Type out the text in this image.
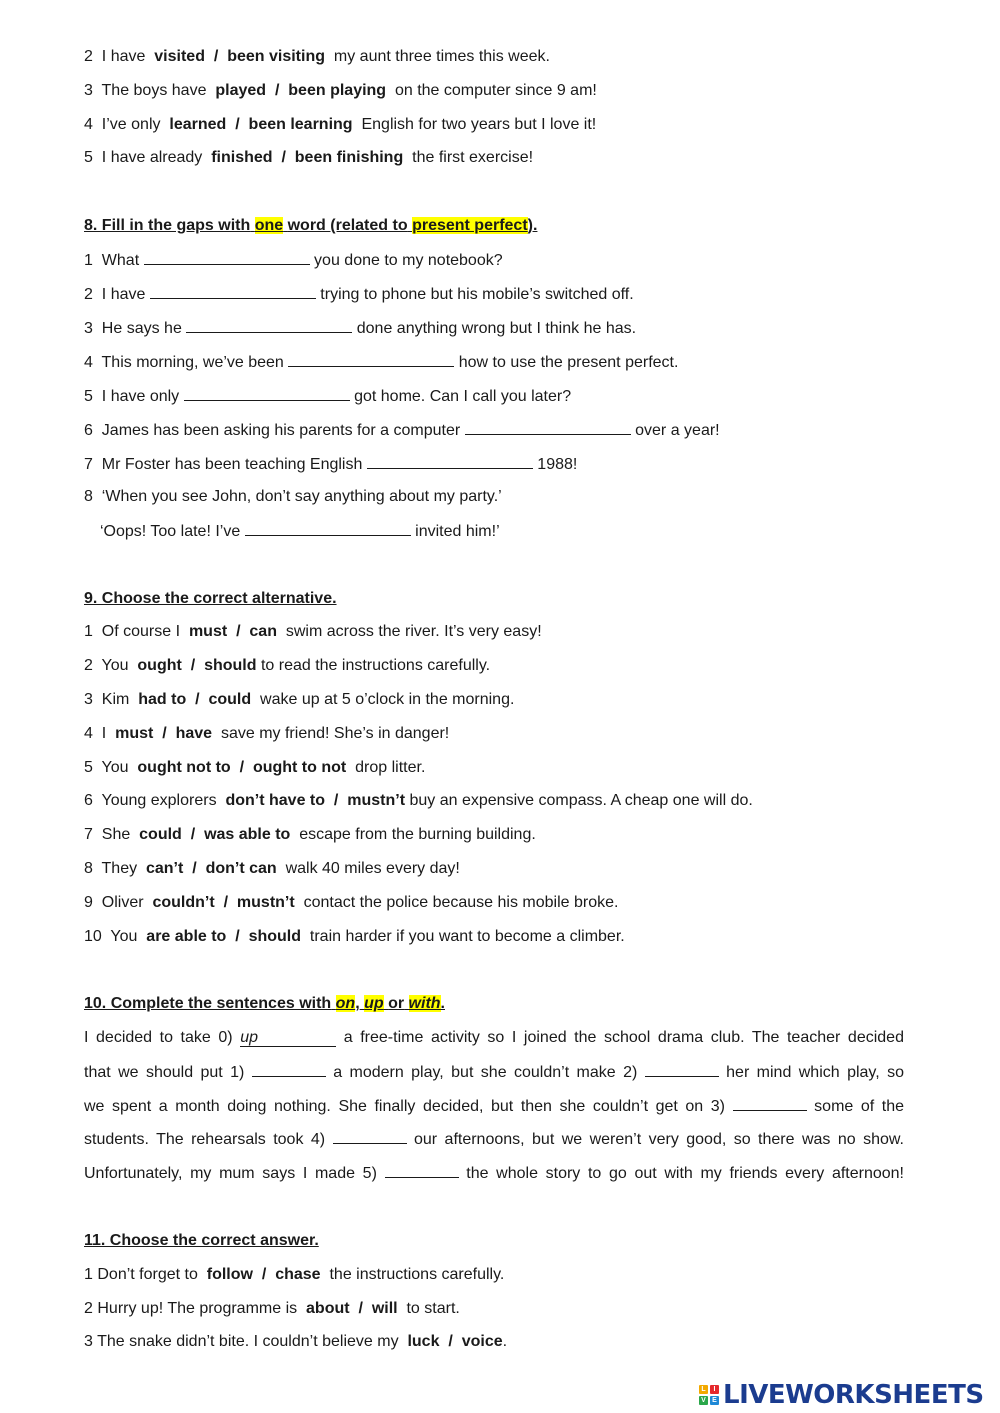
2 I have visited / been visiting my aunt three times this week.
3 The boys have played / been playing on the computer since 9 am!
4 I’ve only learned / been learning English for two years but I love it!
5 I have already finished / been finishing the first exercise!
8. Fill in the gaps with one word (related to present perfect).
1 What	you done to my notebook?
2 I have	trying to phone but his mobile’s switched off.
3 He says he	done anything wrong but I think he has.
4 This morning, we’ve been	how to use the present perfect.
5 I have only	got home. Can I call you later?
6 James has been asking his parents for a computer	over a year!
7 Mr Foster has been teaching English	1988!
8 ‘When you see John, don’t say anything about my party.’
‘Oops! Too late! I’ve	invited him!’
9. Choose the correct alternative.
1 Of course I must / can swim across the river. It’s very easy!
2 You ought / should to read the instructions carefully.
3 Kim had to / could wake up at 5 o’clock in the morning.
4 I must / have save my friend! She’s in danger!
5 You ought not to / ought to not drop litter.
6 Young explorers don’t have to / mustn’t buy an expensive compass. A cheap one will do.
7 She could / was able to escape from the burning building.
8 They can’t / don’t can walk 40 miles every day!
9 Oliver couldn’t / mustn’t contact the police because his mobile broke.
10 You are able to / should train harder if you want to become a climber.
10. Complete the sentences with on, up or with.
I decided to take 0) up	a free-time activity so I joined the school drama club. The teacher decided
that we should put 1)	a modern play, but she couldn’t make 2)	her mind which play, so
we spent a month doing nothing. She finally decided, but then she couldn’t get on 3)	some of the
students. The rehearsals took 4)	our afternoons, but we weren’t very good, so there was no show.
Unfortunately, my mum says I made 5)	the whole story to go out with my friends every afternoon!
11. Choose the correct answer.
1 Don’t forget to follow / chase the instructions carefully.
2 Hurry up! The programme is about / will to start.
3 The snake didn’t bite. I couldn’t believe my luck / voice.
L	I
V E LIVEWORKSHEETS
